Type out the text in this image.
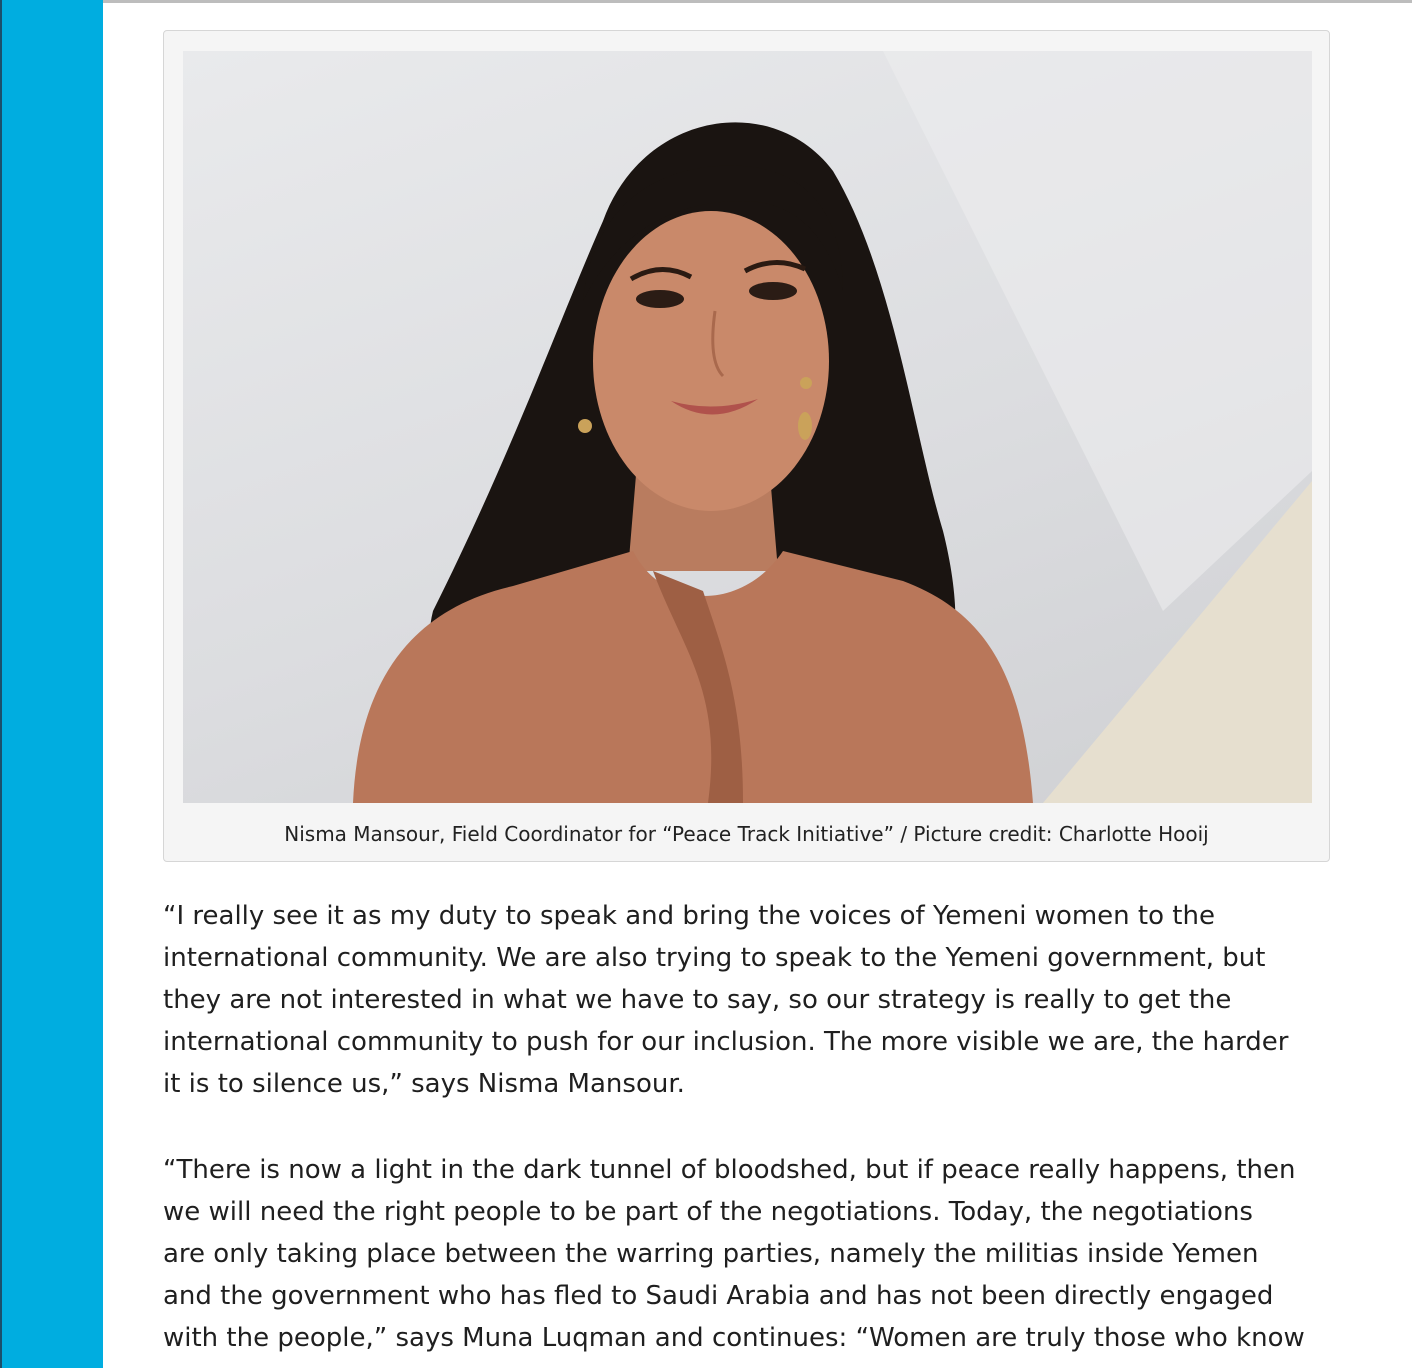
Nisma Mansour, Field Coordinator for “Peace Track Initiative” / Picture credit: Charlotte Hooij

“I really see it as my duty to speak and bring the voices of Yemeni women to the
international community. We are also trying to speak to the Yemeni government, but
they are not interested in what we have to say, so our strategy is really to get the
international community to push for our inclusion. The more visible we are, the harder
it is to silence us,” says Nisma Mansour.

“There is now a light in the dark tunnel of bloodshed, but if peace really happens, then
we will need the right people to be part of the negotiations. Today, the negotiations
are only taking place between the warring parties, namely the militias inside Yemen
and the government who has fled to Saudi Arabia and has not been directly engaged
with the people,” says Muna Luqman and continues: “Women are truly those who know
